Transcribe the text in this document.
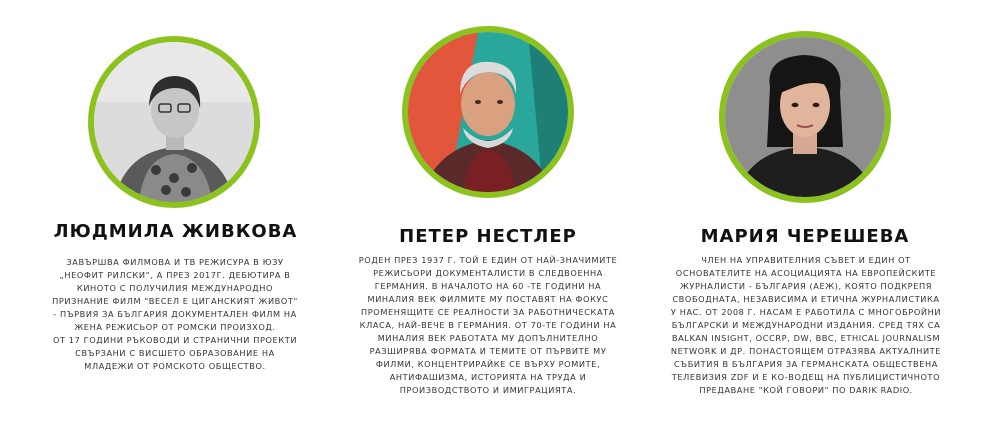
ЛЮДМИЛА ЖИВКОВА

ЗАВЪРШВА ФИЛМОВА И ТВ РЕЖИСУРА В ЮЗУ „НЕОФИТ РИЛСКИ“, А ПРЕЗ 2017Г. ДЕБЮТИРА В КИНОТО С ПОЛУЧИЛИЯ МЕЖДУНАРОДНО ПРИЗНАНИЕ ФИЛМ "ВЕСЕЛ Е ЦИГАНСКИЯТ ЖИВОТ" - ПЪРВИЯ ЗА БЪЛГАРИЯ ДОКУМЕНТАЛЕН ФИЛМ НА ЖЕНА РЕЖИСЬОР ОТ РОМСКИ ПРОИЗХОД.

ОТ 17 ГОДИНИ РЪКОВОДИ И СТРАНИЧНИ ПРОЕКТИ СВЪРЗАНИ С ВИСШЕТО ОБРАЗОВАНИЕ НА МЛАДЕЖИ ОТ РОМСКОТО ОБЩЕСТВО.

ПЕТЕР НЕСТЛЕР

РОДЕН ПРЕЗ 1937 Г. ТОЙ Е ЕДИН ОТ НАЙ-ЗНАЧИМИТЕ РЕЖИСЬОРИ ДОКУМЕНТАЛИСТИ В СЛЕДВОЕННА ГЕРМАНИЯ. В НАЧАЛОТО НА 60 -ТЕ ГОДИНИ НА МИНАЛИЯ ВЕК ФИЛМИТЕ МУ ПОСТАВЯТ НА ФОКУС ПРОМЕНЯЩИТЕ СЕ РЕАЛНОСТИ ЗА РАБОТНИЧЕСКАТА КЛАСА, НАЙ-ВЕЧЕ В ГЕРМАНИЯ. ОТ 70-ТЕ ГОДИНИ НА МИНАЛИЯ ВЕК РАБОТАТА МУ ДОПЪЛНИТЕЛНО РАЗШИРЯВА ФОРМАТА И ТЕМИТЕ ОТ ПЪРВИТЕ МУ ФИЛМИ, КОНЦЕНТРИРАЙКЕ СЕ ВЪРХУ РОМИТЕ, АНТИФАШИЗМА, ИСТОРИЯТА НА ТРУДА И ПРОИЗВОДСТВОТО И ИМИГРАЦИЯТА.

МАРИЯ ЧЕРЕШЕВА

ЧЛЕН НА УПРАВИТЕЛНИЯ СЪВЕТ И ЕДИН ОТ ОСНОВАТЕЛИТЕ НА АСОЦИАЦИЯТА НА ЕВРОПЕЙСКИТЕ ЖУРНАЛИСТИ - БЪЛГАРИЯ (АЕЖ), КОЯТО ПОДКРЕПЯ СВОБОДНАТА, НЕЗАВИСИМА И ЕТИЧНА ЖУРНАЛИСТИКА У НАС. ОТ 2008 Г. НАСАМ Е РАБОТИЛА С МНОГОБРОЙНИ БЪЛГАРСКИ И МЕЖДУНАРОДНИ ИЗДАНИЯ. СРЕД ТЯХ СА BALKAN INSIGHT, OCCRP, DW, BBC, ETHICAL JOURNALISM NETWORK И ДР. ПОНАСТОЯЩЕМ ОТРАЗЯВА АКТУАЛНИТЕ СЪБИТИЯ В БЪЛГАРИЯ ЗА ГЕРМАНСКАТА ОБЩЕСТВЕНА ТЕЛЕВИЗИЯ ZDF И Е КО-ВОДЕЩ НА ПУБЛИЦИСТИЧНОТО ПРЕДАВАНЕ "КОЙ ГОВОРИ" ПО DARIK RADIO.
